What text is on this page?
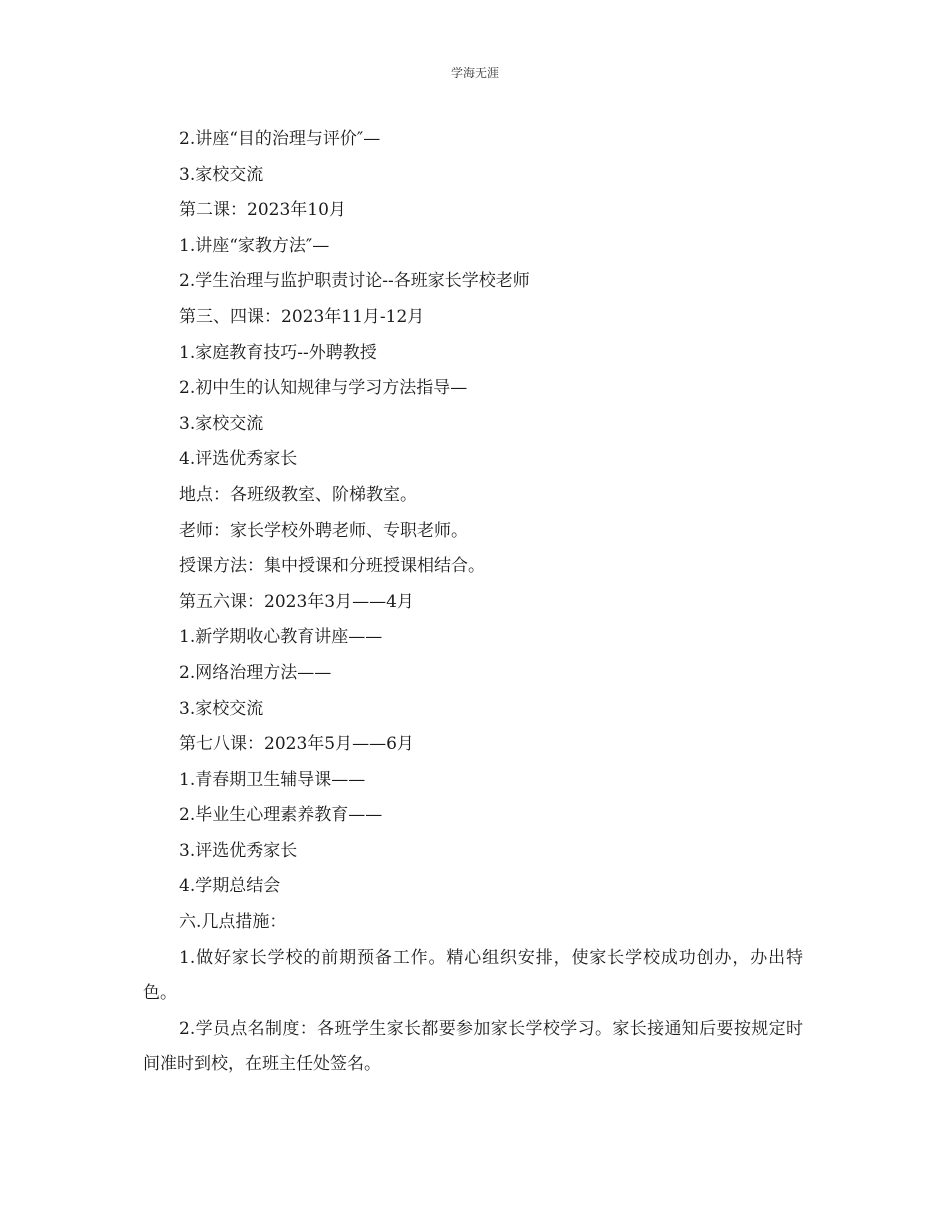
学海无涯
2.讲座“目的治理与评价″—
3.家校交流
第二课：2023年10月
1.讲座“家教方法″—
2.学生治理与监护职责讨论--各班家长学校老师
第三、四课：2023年11月-12月
1.家庭教育技巧--外聘教授
2.初中生的认知规律与学习方法指导—
3.家校交流
4.评选优秀家长
地点：各班级教室、阶梯教室。
老师：家长学校外聘老师、专职老师。
授课方法：集中授课和分班授课相结合。
第五六课：2023年3月——4月
1.新学期收心教育讲座——
2.网络治理方法——
3.家校交流
第七八课：2023年5月——6月
1.青春期卫生辅导课——
2.毕业生心理素养教育——
3.评选优秀家长
4.学期总结会
六.几点措施：
1.做好家长学校的前期预备工作。精心组织安排，使家长学校成功创办，办出特色。
2.学员点名制度：各班学生家长都要参加家长学校学习。家长接通知后要按规定时间准时到校，在班主任处签名。
